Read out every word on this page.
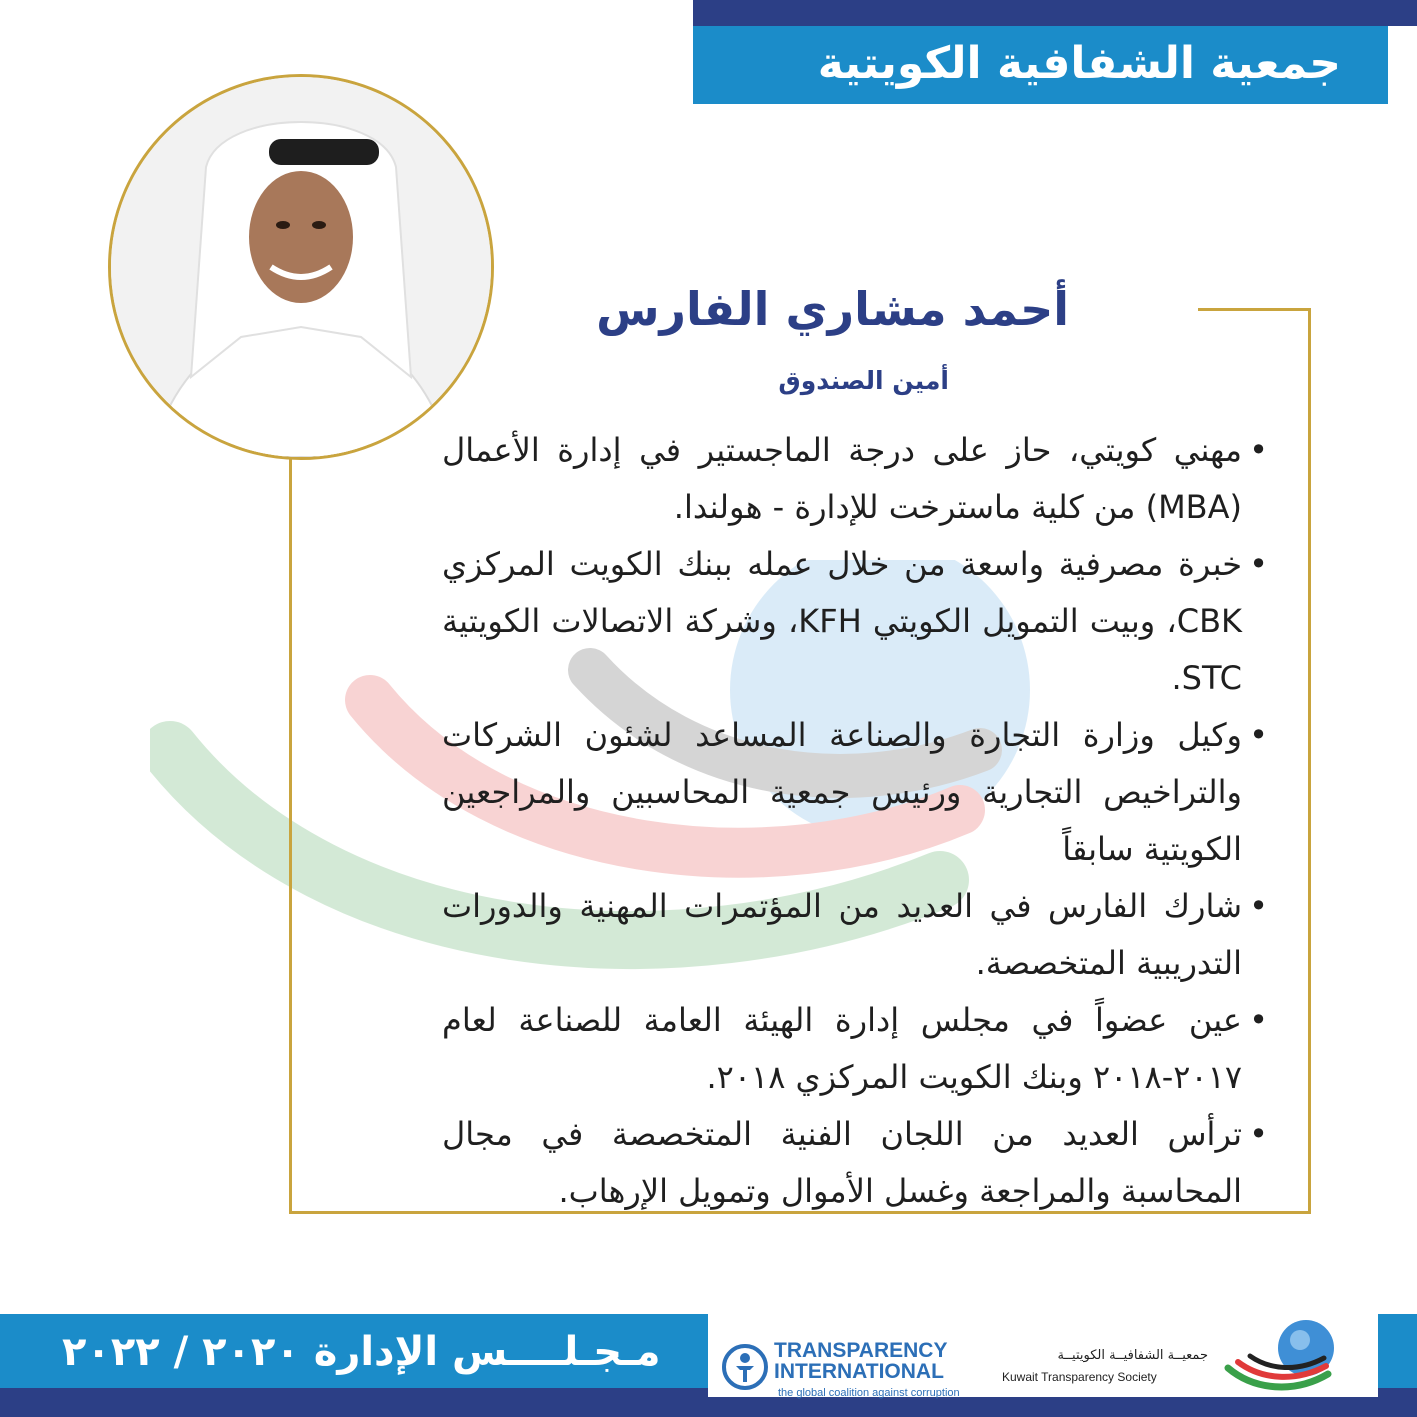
جمعية الشفافية الكويتية
أحمد مشاري الفارس

أمين الصندوق

• مهني كويتي، حاز على درجة الماجستير في إدارة الأعمال (MBA) من كلية ماسترخت للإدارة - هولندا.
• خبرة مصرفية واسعة من خلال عمله ببنك الكويت المركزي CBK، وبيت التمويل الكويتي KFH، وشركة الاتصالات الكويتية STC.
• وكيل وزارة التجارة والصناعة المساعد لشئون الشركات والتراخيص التجارية ورئيس جمعية المحاسبين والمراجعين الكويتية سابقاً
• شارك الفارس في العديد من المؤتمرات المهنية والدورات التدريبية المتخصصة.
• عين عضواً في مجلس إدارة الهيئة العامة للصناعة لعام ٢٠١٧-٢٠١٨ وبنك الكويت المركزي ٢٠١٨.
• ترأس العديد من اللجان الفنية المتخصصة في مجال المحاسبة والمراجعة وغسل الأموال وتمويل الإرهاب.

مـجـلــــس الإدارة ٢٠٢٠ / ٢٠٢٢	TRANSPARENCY
INTERNATIONAL

the global coalition against corruption

جمعيــة الشفافيــة الكويتيــة

Kuwait Transparency Society
